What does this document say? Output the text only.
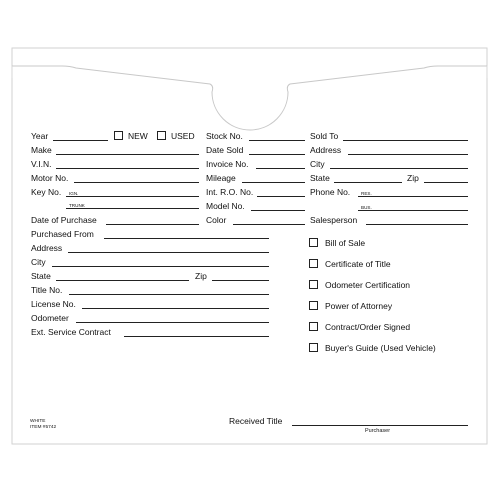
Year	NEW	USED Stock No.	Sold To
Make	Date Sold	Address
V.I.N.	Invoice No.	City
Motor No.	Mileage	State	Zip
Key No. IGN.	Int. R.O. No.	Phone No. RES.
TRUNK	Model No.	BUS.
Date of Purchase	Color	Salesperson
Purchased From
Address
City
State	Zip
Title No.
License No.
Odometer
Ext. Service Contract
Bill of Sale
Certificate of Title
Odometer Certification
Power of Attorney
Contract/Order Signed
Buyer's Guide (Used Vehicle)
Received Title
Purchaser
WHITE
ITEM #5742
